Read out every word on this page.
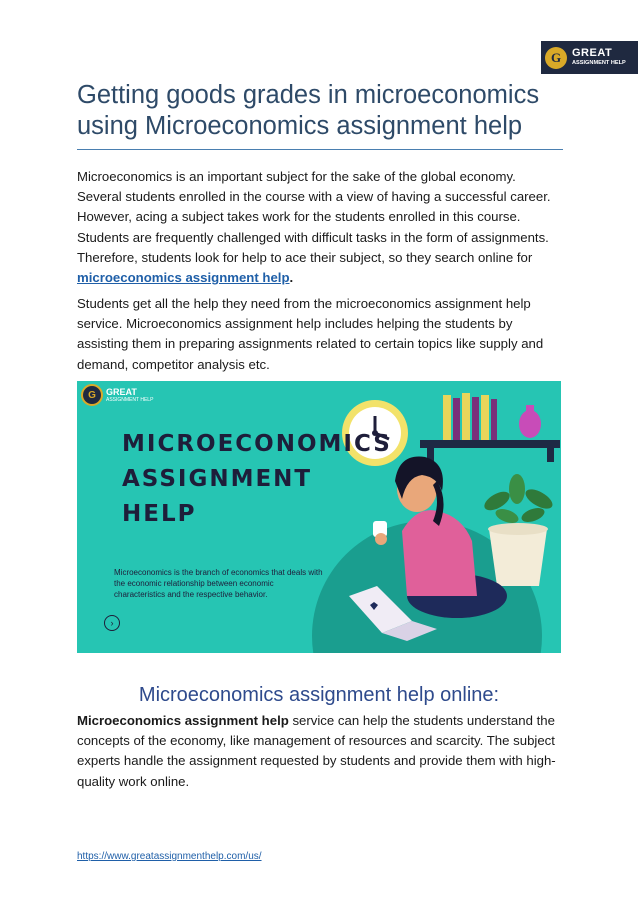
G GREAT
ASSIGNMENT HELP
Getting goods grades in microeconomics using Microeconomics assignment help

Microeconomics is an important subject for the sake of the global economy. Several students enrolled in the course with a view of having a successful career. However, acing a subject takes work for the students enrolled in this course. Students are frequently challenged with difficult tasks in the form of assignments. Therefore, students look for help to ace their subject, so they search online for microeconomics assignment help.

Students get all the help they need from the microeconomics assignment help service. Microeconomics assignment help includes helping the students by assisting them in preparing assignments related to certain topics like supply and demand, competitor analysis etc.

G	GREAT
ASSIGNMENT HELP
MICROECONOMICS
ASSIGNMENT
HELP

Microeconomics is the branch of economics that deals with the economic relationship between economic characteristics and the respective behavior.

›
Microeconomics assignment help online:

Microeconomics assignment help service can help the students understand the concepts of the economy, like management of resources and scarcity. The subject experts handle the assignment requested by students and provide them with high-quality work online.

https://www.greatassignmenthelp.com/us/
